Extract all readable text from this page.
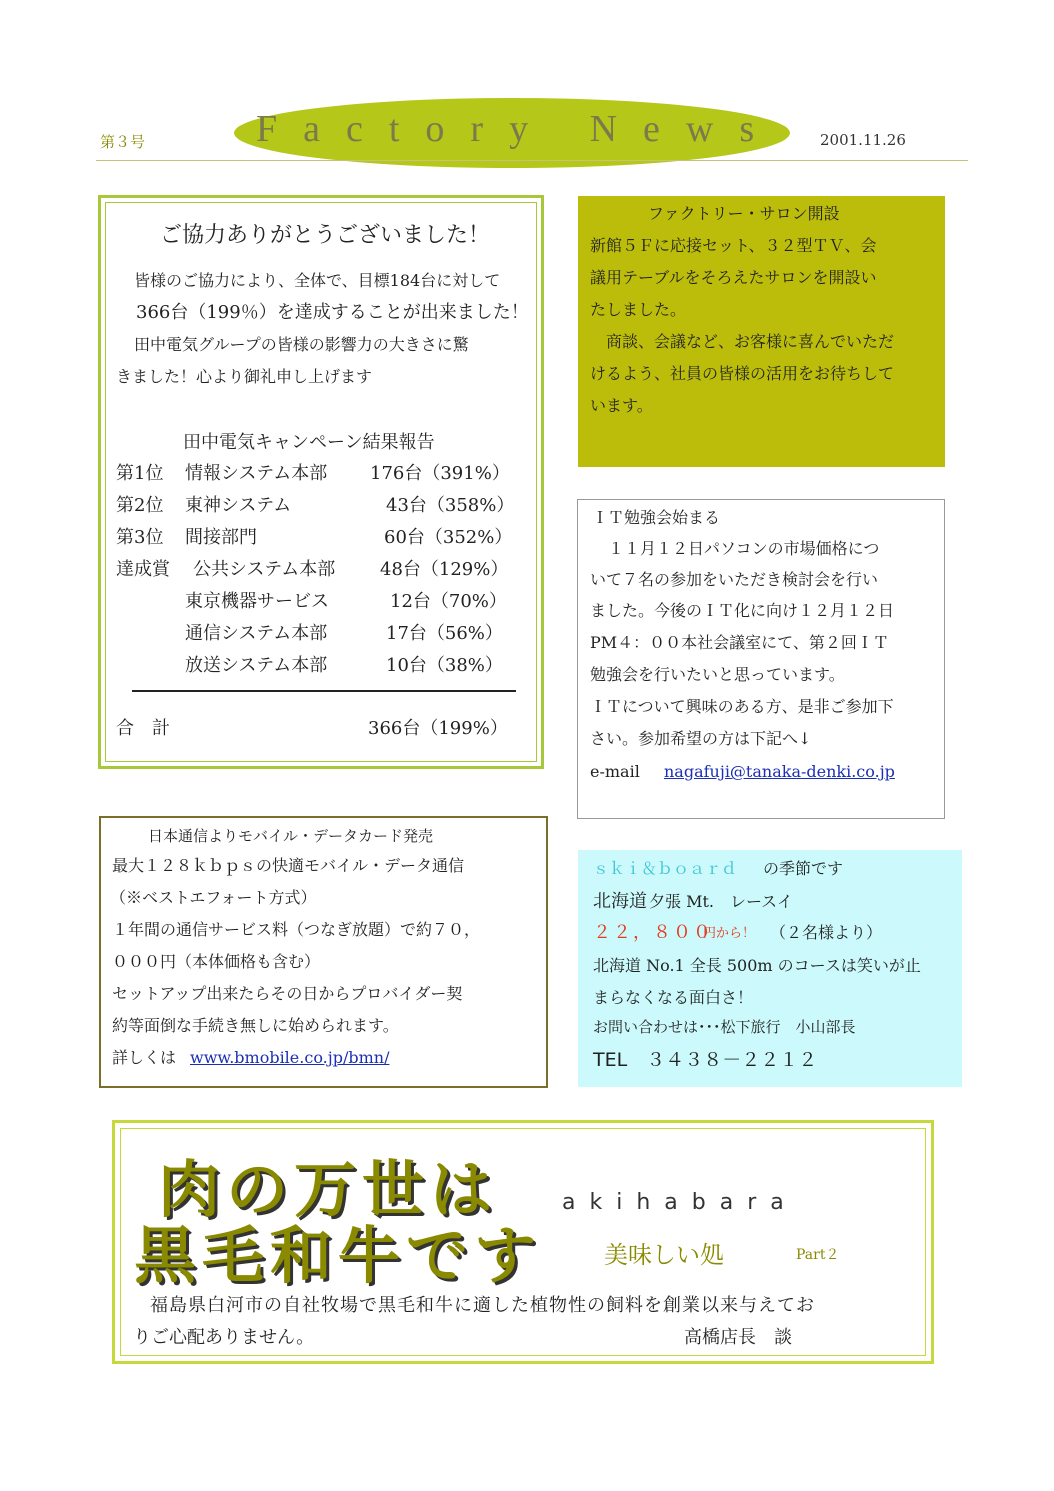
第３号	Factory News	2001.11.26
ご協力ありがとうございました！
皆様のご協力により、全体で、目標184台に対して
366台（199％）を達成することが出来ました！
田中電気グループの皆様の影響力の大きさに驚
きました！心より御礼申し上げます
田中電気キャンペーン結果報告
第1位 情報システム本部 176台（391%）
第2位 東神システム	43台（358%）
第3位 間接部門	60台（352%）
達成賞 公共システム本部 48台（129%）
東京機器サービス	12台（70%）
通信システム本部	17台（56%）
放送システム本部	10台（38%）
合　計	366台（199%）
ファクトリー・サロン開設
新館５Ｆに応接セット、３２型ＴＶ、会
議用テーブルをそろえたサロンを開設い
たしました。
商談、会議など、お客様に喜んでいただ
けるよう、社員の皆様の活用をお待ちして
います。
ＩＴ勉強会始まる
１１月１２日パソコンの市場価格につ
いて７名の参加をいただき検討会を行い
ました。今後のＩＴ化に向け１２月１２日
PM４：００本社会議室にて、第２回ＩＴ
勉強会を行いたいと思っています。
ＩＴについて興味のある方、是非ご参加下
さい。参加希望の方は下記へ↓
e-mail nagafuji@tanaka-denki.co.jp
日本通信よりモバイル・データカード発売
最大１２８ｋｂｐｓの快適モバイル・データ通信
（※ベストエフォート方式）
１年間の通信サービス料（つなぎ放題）で約７０，
０００円（本体価格も含む）
セットアップ出来たらその日からプロバイダー契
約等面倒な手続き無しに始められます。
詳しくは www.bmobile.co.jp/bmn/
ｓｋｉ＆ｂｏａｒｄ の季節です
北海道 夕張 Mt.　レースイ
２２，８００
円から！ （２名様より）
北海道 No.1 全長 500m のコースは笑いが止
まらなくなる面白さ！
お問い合わせは･･･松下旅行　小山部長
TEL　３４３８－２２１２
肉の万世は
黒毛和牛です
akihabara
美味しい処	Part２
福島県白河市の自社牧場で黒毛和牛に適した植物性の飼料を創業以来与えてお
りご心配ありません。	高橋店長　談
